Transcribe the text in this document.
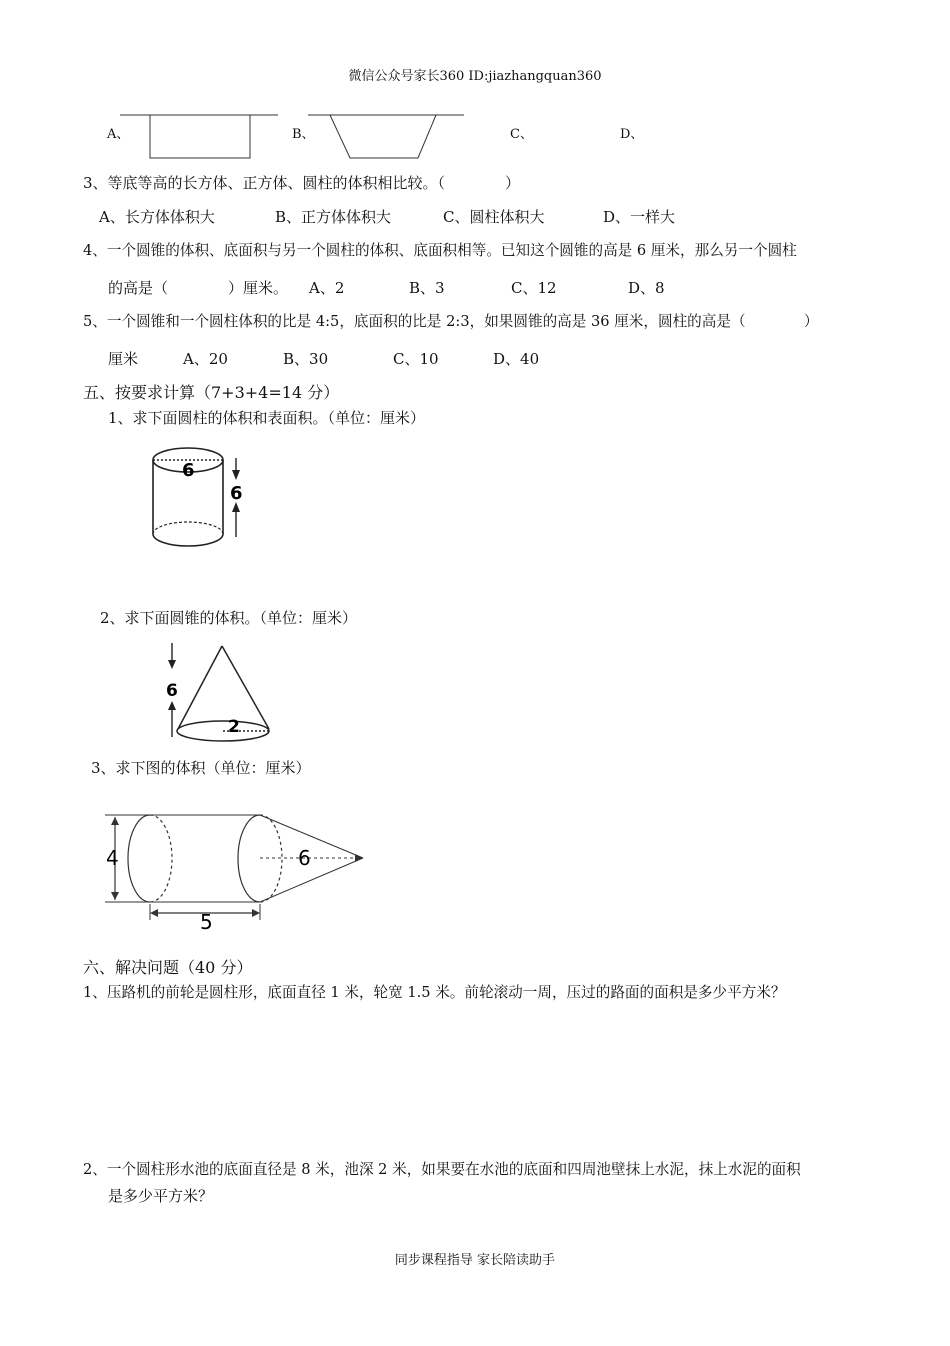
微信公众号家长360 ID:jiazhangquan360
A、	B、	C、	D、
3、等底等高的长方体、正方体、圆柱的体积相比较。（　　　　）
A、长方体体积大	B、正方体体积大	C、圆柱体积大	D、一样大
4、一个圆锥的体积、底面积与另一个圆柱的体积、底面积相等。已知这个圆锥的高是 6 厘米，那么另一个圆柱
的高是（　　　　）厘米。 A、2	B、3	C、12	D、8
5、一个圆锥和一个圆柱体积的比是 4:5，底面积的比是 2:3，如果圆锥的高是 36 厘米，圆柱的高是（　　　　）
厘米	A、20	B、30	C、10	D、40
五、按要求计算（7+3+4=14 分）
1、求下面圆柱的体积和表面积。（单位：厘米）
6
6
2、求下面圆锥的体积。（单位：厘米）
6
2
3、求下图的体积（单位：厘米）
4	6
5
六、解决问题（40 分）
1、压路机的前轮是圆柱形，底面直径 1 米，轮宽 1.5 米。前轮滚动一周，压过的路面的面积是多少平方米？
2、一个圆柱形水池的底面直径是 8 米，池深 2 米，如果要在水池的底面和四周池壁抹上水泥，抹上水泥的面积
是多少平方米？
同步课程指导 家长陪读助手
